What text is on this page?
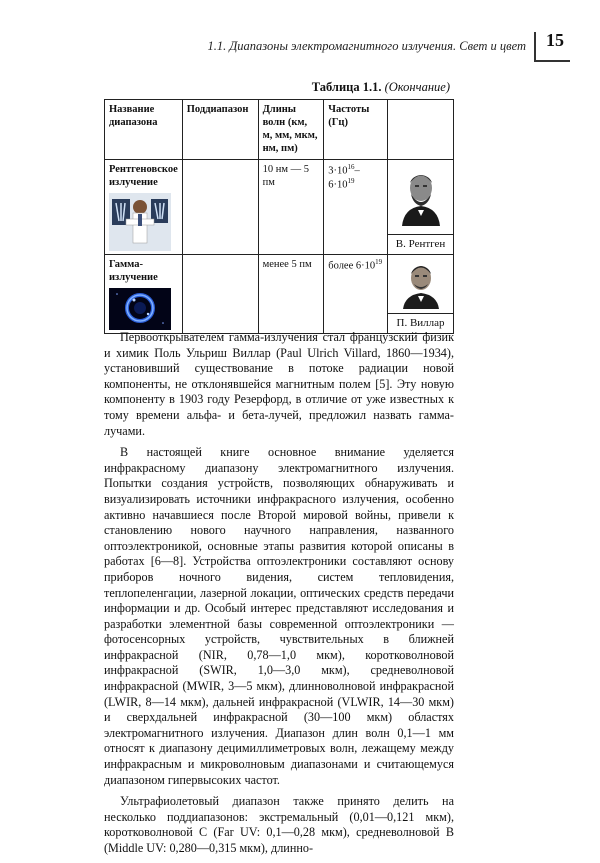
1.1. Диапазоны электромагнитного излучения. Свет и цвет 15
Таблица 1.1. (Окончание)
Название диапазона	Поддиапазон	Длины волн (км, м, мм, мкм, нм, пм)	Частоты (Гц)	

Рентгеновское излучение		10 нм — 5 пм	$3\cdot 10^{16}-6\cdot 10^{19}$	В. Рентген

Гамма-излучение		менее 5 пм	более $6\cdot 10^{19}$	П. Виллар

Первооткрывателем гамма-излучения стал французский физик и химик Поль Ульриш Виллар (Paul Ulrich Villard, 1860—1934), установивший существование в потоке радиации новой компоненты, не отклонявшейся магнитным полем [5]. Эту новую компоненту в 1903 году Резерфорд, в отличие от уже известных к тому времени альфа- и бета-лучей, предложил назвать гамма-лучами.

В настоящей книге основное внимание уделяется инфракрасному диапазону электромагнитного излучения. Попытки создания устройств, позволяющих обнаруживать и визуализировать источники инфракрасного излучения, особенно активно начавшиеся после Второй мировой войны, привели к становлению нового научного направления, названного оптоэлектроникой, основные этапы развития которой описаны в работах [6—8]. Устройства оптоэлектроники составляют основу приборов ночного видения, систем тепловидения, теплопеленгации, лазерной локации, оптических средств передачи информации и др. Особый интерес представляют исследования и разработки элементной базы современной оптоэлектроники — фотосенсорных устройств, чувствительных в ближней инфракрасной (NIR, 0,78—1,0 мкм), коротковолновой инфракрасной (SWIR, 1,0—3,0 мкм), средневолновой инфракрасной (MWIR, 3—5 мкм), длинноволновой инфракрасной (LWIR, 8—14 мкм), дальней инфракрасной (VLWIR, 14—30 мкм) и сверхдальней инфракрасной (30—100 мкм) областях электромагнитного излучения. Диапазон длин волн 0,1—1 мм относят к диапазону децимиллиметровых волн, лежащему между инфракрасным и микроволновым диапазонами и считающемуся диапазоном гипервысоких частот.

Ультрафиолетовый диапазон также принято делить на несколько поддиапазонов: экстремальный (0,01—0,121 мкм), коротковолновой C (Far UV: 0,1—0,28 мкм), средневолновой B (Middle UV: 0,280—0,315 мкм), длинно-
